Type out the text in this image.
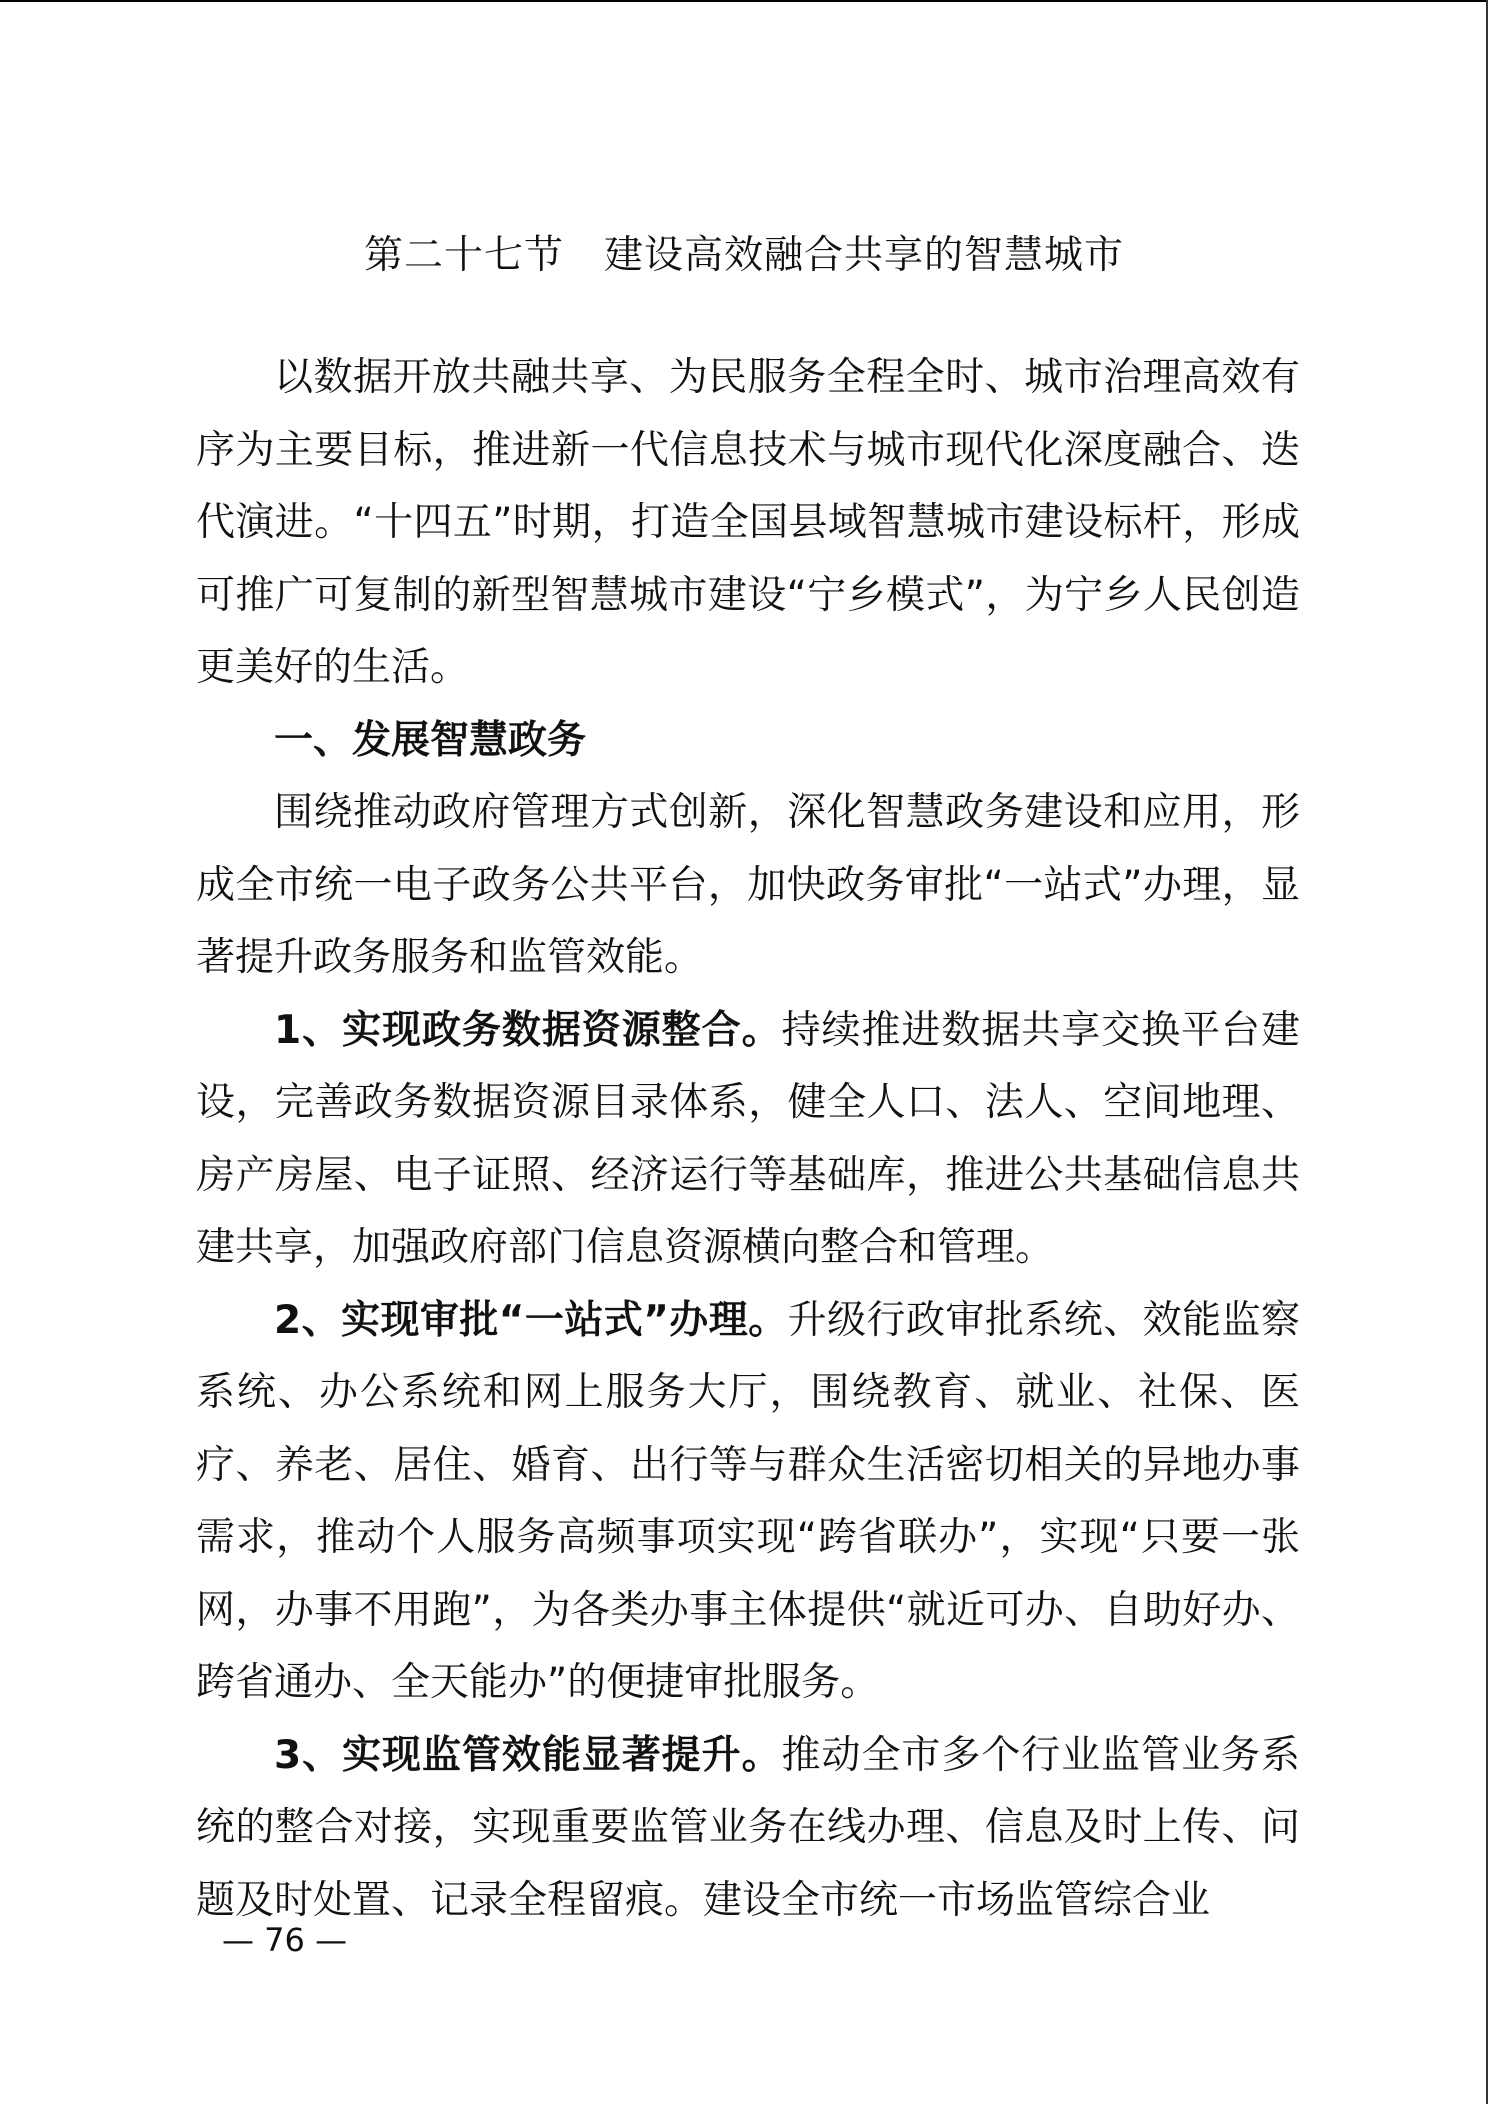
第二十七节　建设高效融合共享的智慧城市

以数据开放共融共享、为民服务全程全时、城市治理高效有序为主要目标，推进新一代信息技术与城市现代化深度融合、迭代演进。“十四五”时期，打造全国县域智慧城市建设标杆，形成可推广可复制的新型智慧城市建设“宁乡模式”，为宁乡人民创造更美好的生活。

一、发展智慧政务

围绕推动政府管理方式创新，深化智慧政务建设和应用，形成全市统一电子政务公共平台，加快政务审批“一站式”办理，显著提升政务服务和监管效能。

1、实现政务数据资源整合。持续推进数据共享交换平台建设，完善政务数据资源目录体系，健全人口、法人、空间地理、房产房屋、电子证照、经济运行等基础库，推进公共基础信息共建共享，加强政府部门信息资源横向整合和管理。

2、实现审批“一站式”办理。升级行政审批系统、效能监察系统、办公系统和网上服务大厅，围绕教育、就业、社保、医疗、养老、居住、婚育、出行等与群众生活密切相关的异地办事需求，推动个人服务高频事项实现“跨省联办”，实现“只要一张网，办事不用跑”，为各类办事主体提供“就近可办、自助好办、跨省通办、全天能办”的便捷审批服务。

3、实现监管效能显著提升。推动全市多个行业监管业务系统的整合对接，实现重要监管业务在线办理、信息及时上传、问题及时处置、记录全程留痕。建设全市统一市场监管综合业

— 76 —
